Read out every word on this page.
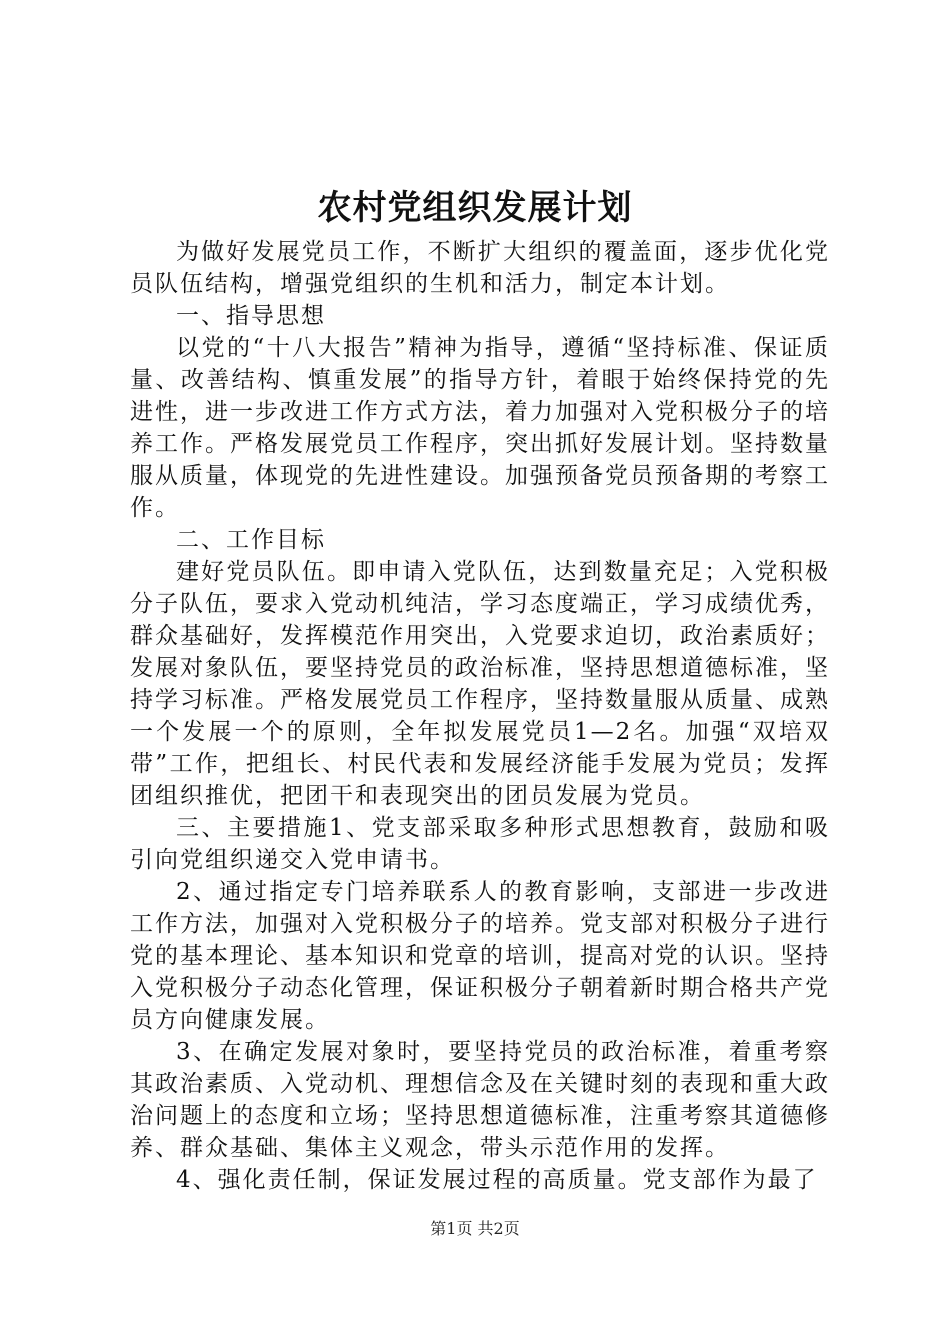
农村党组织发展计划

为做好发展党员工作，不断扩大组织的覆盖面，逐步优化党员队伍结构，增强党组织的生机和活力，制定本计划。

一、指导思想

以党的“十八大报告”精神为指导，遵循“坚持标准、保证质量、改善结构、慎重发展”的指导方针，着眼于始终保持党的先进性，进一步改进工作方式方法，着力加强对入党积极分子的培养工作。严格发展党员工作程序，突出抓好发展计划。坚持数量服从质量，体现党的先进性建设。加强预备党员预备期的考察工作。

二、工作目标

建好党员队伍。即申请入党队伍，达到数量充足；入党积极分子队伍，要求入党动机纯洁，学习态度端正，学习成绩优秀，群众基础好，发挥模范作用突出，入党要求迫切，政治素质好；发展对象队伍，要坚持党员的政治标准，坚持思想道德标准，坚持学习标准。严格发展党员工作程序，坚持数量服从质量、成熟一个发展一个的原则，全年拟发展党员1—2名。加强“双培双带”工作，把组长、村民代表和发展经济能手发展为党员；发挥团组织推优，把团干和表现突出的团员发展为党员。

三、主要措施1、党支部采取多种形式思想教育，鼓励和吸引向党组织递交入党申请书。

2、通过指定专门培养联系人的教育影响，支部进一步改进工作方法，加强对入党积极分子的培养。党支部对积极分子进行党的基本理论、基本知识和党章的培训，提高对党的认识。坚持入党积极分子动态化管理，保证积极分子朝着新时期合格共产党员方向健康发展。

3、在确定发展对象时，要坚持党员的政治标准，着重考察其政治素质、入党动机、理想信念及在关键时刻的表现和重大政治问题上的态度和立场；坚持思想道德标准，注重考察其道德修养、群众基础、集体主义观念，带头示范作用的发挥。

4、强化责任制，保证发展过程的高质量。党支部作为最了

第1页 共2页
